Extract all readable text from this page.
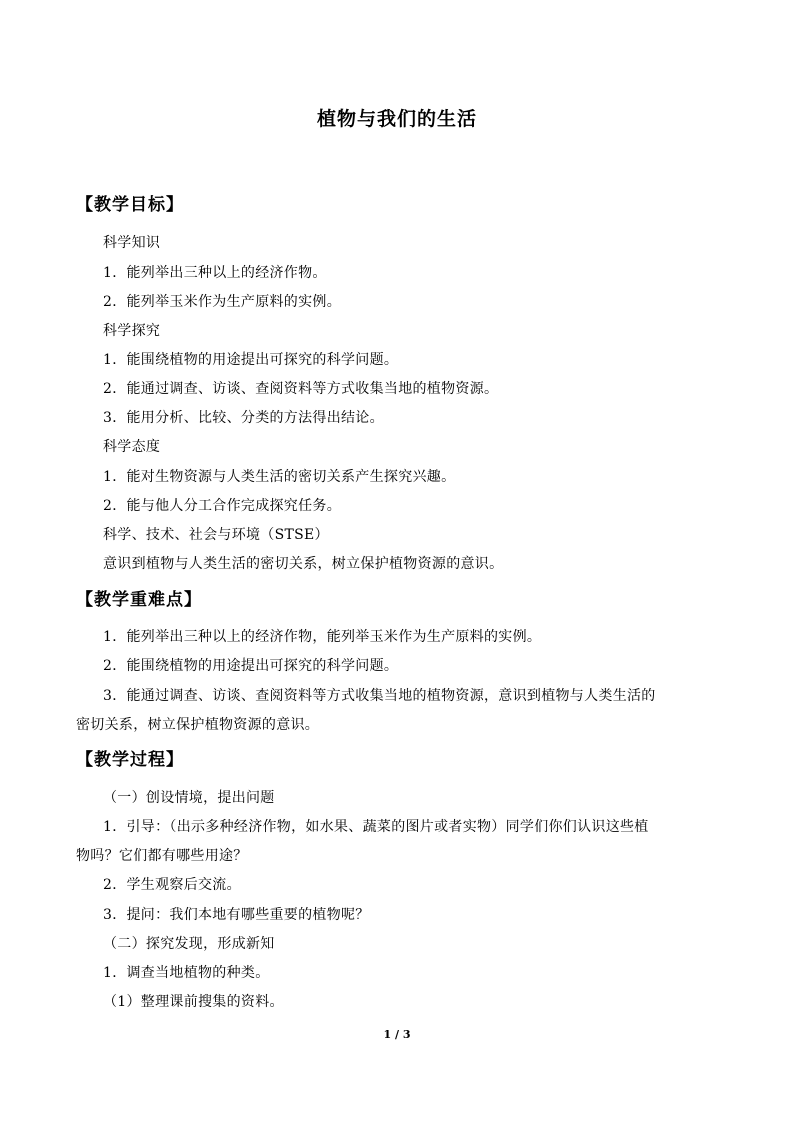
植物与我们的生活
【教学目标】
科学知识
1．能列举出三种以上的经济作物。
2．能列举玉米作为生产原料的实例。
科学探究
1．能围绕植物的用途提出可探究的科学问题。
2．能通过调查、访谈、查阅资料等方式收集当地的植物资源。
3．能用分析、比较、分类的方法得出结论。
科学态度
1．能对生物资源与人类生活的密切关系产生探究兴趣。
2．能与他人分工合作完成探究任务。
科学、技术、社会与环境（STSE）
意识到植物与人类生活的密切关系，树立保护植物资源的意识。
【教学重难点】
1．能列举出三种以上的经济作物，能列举玉米作为生产原料的实例。
2．能围绕植物的用途提出可探究的科学问题。
3．能通过调查、访谈、查阅资料等方式收集当地的植物资源，意识到植物与人类生活的
密切关系，树立保护植物资源的意识。
【教学过程】
（一）创设情境，提出问题
1．引导：（出示多种经济作物，如水果、蔬菜的图片或者实物）同学们你们认识这些植
物吗？它们都有哪些用途？
2．学生观察后交流。
3．提问：我们本地有哪些重要的植物呢？
（二）探究发现，形成新知
1．调查当地植物的种类。
（1）整理课前搜集的资料。
1 / 3
